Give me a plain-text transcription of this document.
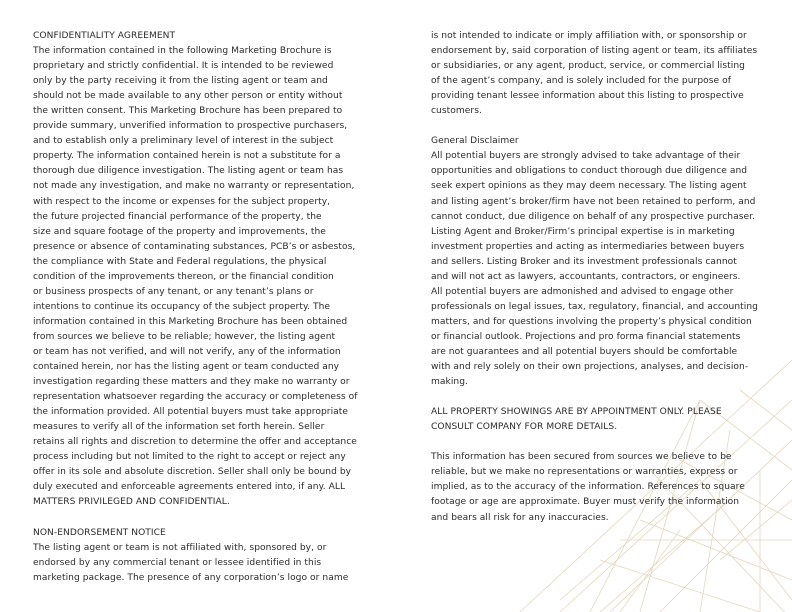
CONFIDENTIALITY AGREEMENT
The information contained in the following Marketing Brochure is
proprietary and strictly confidential. It is intended to be reviewed
only by the party receiving it from the listing agent or team and
should not be made available to any other person or entity without
the written consent. This Marketing Brochure has been prepared to
provide summary, unverified information to prospective purchasers,
and to establish only a preliminary level of interest in the subject
property. The information contained herein is not a substitute for a
thorough due diligence investigation. The listing agent or team has
not made any investigation, and make no warranty or representation,
with respect to the income or expenses for the subject property,
the future projected financial performance of the property, the
size and square footage of the property and improvements, the
presence or absence of contaminating substances, PCB’s or asbestos,
the compliance with State and Federal regulations, the physical
condition of the improvements thereon, or the financial condition
or business prospects of any tenant, or any tenant’s plans or
intentions to continue its occupancy of the subject property. The
information contained in this Marketing Brochure has been obtained
from sources we believe to be reliable; however, the listing agent
or team has not verified, and will not verify, any of the information
contained herein, nor has the listing agent or team conducted any
investigation regarding these matters and they make no warranty or
representation whatsoever regarding the accuracy or completeness of
the information provided. All potential buyers must take appropriate
measures to verify all of the information set forth herein. Seller
retains all rights and discretion to determine the offer and acceptance
process including but not limited to the right to accept or reject any
offer in its sole and absolute discretion. Seller shall only be bound by
duly executed and enforceable agreements entered into, if any. ALL
MATTERS PRIVILEGED AND CONFIDENTIAL.
NON-ENDORSEMENT NOTICE
The listing agent or team is not affiliated with, sponsored by, or
endorsed by any commercial tenant or lessee identified in this
marketing package. The presence of any corporation’s logo or name
is not intended to indicate or imply affiliation with, or sponsorship or
endorsement by, said corporation of listing agent or team, its affiliates
or subsidiaries, or any agent, product, service, or commercial listing
of the agent’s company, and is solely included for the purpose of
providing tenant lessee information about this listing to prospective
customers.
General Disclaimer
All potential buyers are strongly advised to take advantage of their
opportunities and obligations to conduct thorough due diligence and
seek expert opinions as they may deem necessary. The listing agent
and listing agent’s broker/firm have not been retained to perform, and
cannot conduct, due diligence on behalf of any prospective purchaser.
Listing Agent and Broker/Firm’s principal expertise is in marketing
investment properties and acting as intermediaries between buyers
and sellers. Listing Broker and its investment professionals cannot
and will not act as lawyers, accountants, contractors, or engineers.
All potential buyers are admonished and advised to engage other
professionals on legal issues, tax, regulatory, financial, and accounting
matters, and for questions involving the property’s physical condition
or financial outlook. Projections and pro forma financial statements
are not guarantees and all potential buyers should be comfortable
with and rely solely on their own projections, analyses, and decision-
making.
ALL PROPERTY SHOWINGS ARE BY APPOINTMENT ONLY. PLEASE
CONSULT COMPANY FOR MORE DETAILS.
This information has been secured from sources we believe to be
reliable, but we make no representations or warranties, express or
implied, as to the accuracy of the information. References to square
footage or age are approximate. Buyer must verify the information
and bears all risk for any inaccuracies.
